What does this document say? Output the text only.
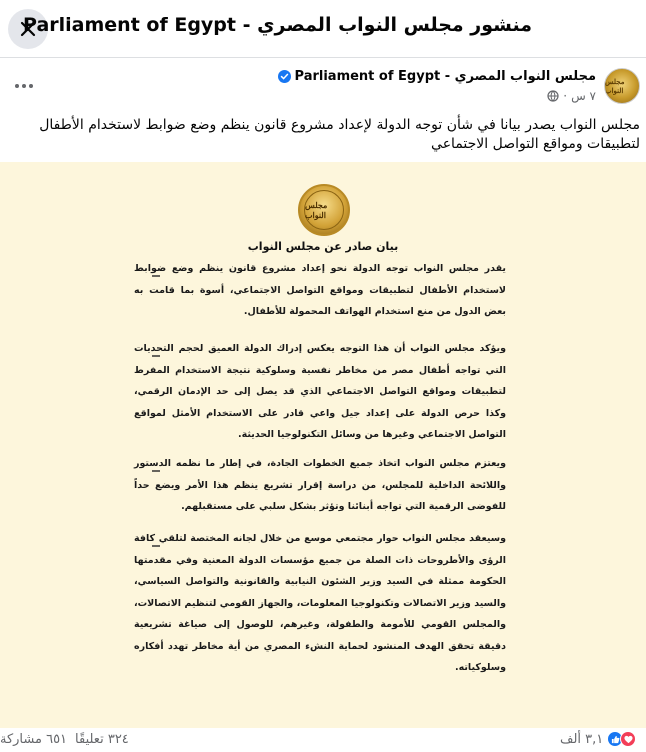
منشور مجلس النواب المصري - Parliament of Egypt
مجلس النواب
مجلس النواب المصري - Parliament of Egypt
٧ س
·
مجلس النواب يصدر بيانا في شأن توجه الدولة لإعداد مشروع قانون ينظم وضع ضوابط لاستخدام الأطفال لتطبيقات ومواقع التواصل الاجتماعي
مجلس النواب
بيان صادر عن مجلس النواب
يقدر مجلس النواب توجه الدولة نحو إعداد مشروع قانون ينظم وضع ضوابط لاستخدام الأطفال لتطبيقات ومواقع التواصل الاجتماعي، أسوة بما قامت به بعض الدول من منع استخدام الهواتف المحمولة للأطفال.
ويؤكد مجلس النواب أن هذا التوجه يعكس إدراك الدولة العميق لحجم التحديات التي تواجه أطفال مصر من مخاطر نفسية وسلوكية نتيجة الاستخدام المفرط لتطبيقات ومواقع التواصل الاجتماعي الذي قد يصل إلى حد الإدمان الرقمي، وكذا حرص الدولة على إعداد جيل واعي قادر على الاستخدام الأمثل لمواقع التواصل الاجتماعي وغيرها من وسائل التكنولوجيا الحديثة.
ويعتزم مجلس النواب اتخاذ جميع الخطوات الجادة، في إطار ما نظمه الدستور واللائحة الداخلية للمجلس، من دراسة إقرار تشريع ينظم هذا الأمر ويضع حداً للفوضى الرقمية التي تواجه أبنائنا وتؤثر بشكل سلبي على مستقبلهم.
وسيعقد مجلس النواب حوار مجتمعي موسع من خلال لجانه المختصة لتلقي كافة الرؤى والأطروحات ذات الصلة من جميع مؤسسات الدولة المعنية وفي مقدمتها الحكومة ممثلة في السيد وزير الشئون النيابية والقانونية والتواصل السياسي، والسيد وزير الاتصالات وتكنولوجيا المعلومات، والجهاز القومي لتنظيم الاتصالات، والمجلس القومي للأمومة والطفولة، وغيرهم، للوصول إلى صياغة تشريعية دقيقة تحقق الهدف المنشود لحماية النشء المصري من أية مخاطر تهدد أفكاره وسلوكياته.
٣,١ ألف
٣٢٤ تعليقًا
٦٥١ مشاركة
